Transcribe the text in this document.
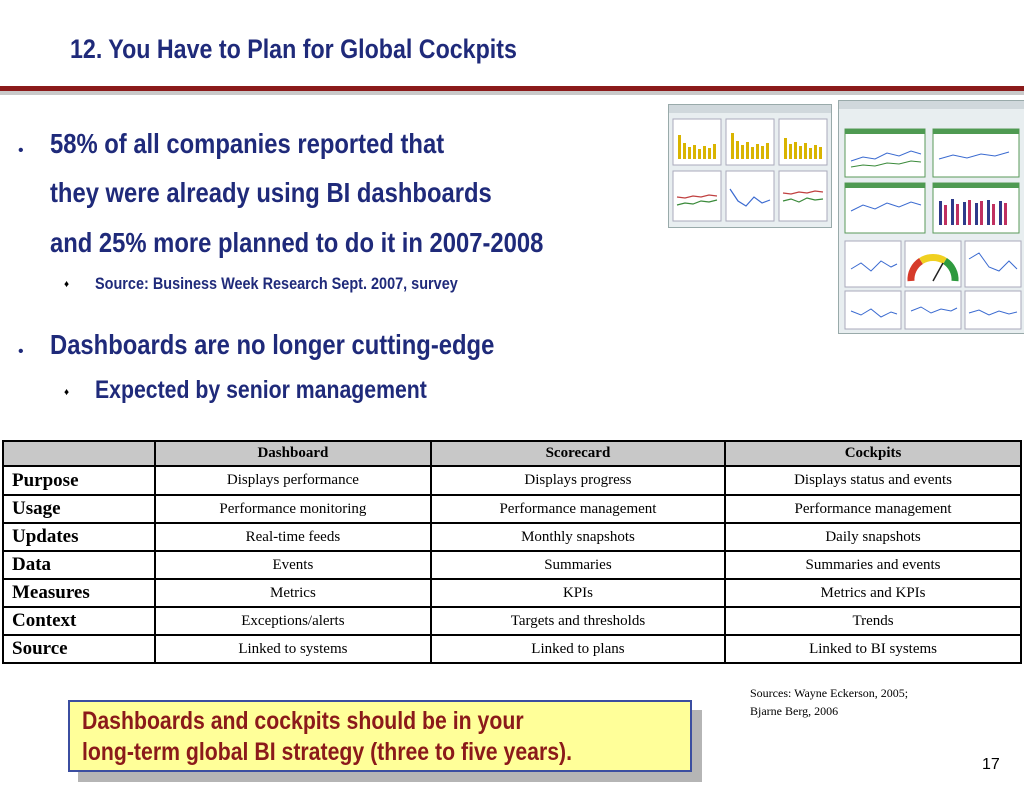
12. You Have to Plan for Global Cockpits
• 58% of all companies reported that
they were already using BI dashboards
and 25% more planned to do it in 2007-2008
♦ Source: Business Week Research Sept. 2007, survey
• Dashboards are no longer cutting-edge
♦ Expected by senior management
	Dashboard	Scorecard	Cockpits
Purpose	Displays performance	Displays progress	Displays status and events
Usage	Performance monitoring	Performance management	Performance management
Updates	Real-time feeds	Monthly snapshots	Daily snapshots
Data	Events	Summaries	Summaries and events
Measures	Metrics	KPIs	Metrics and KPIs
Context	Exceptions/alerts	Targets and thresholds	Trends
Source	Linked to systems	Linked to plans	Linked to BI systems
Sources: Wayne Eckerson, 2005;
Bjarne Berg, 2006
Dashboards and cockpits should be in your
long-term global BI strategy (three to five years).	17
